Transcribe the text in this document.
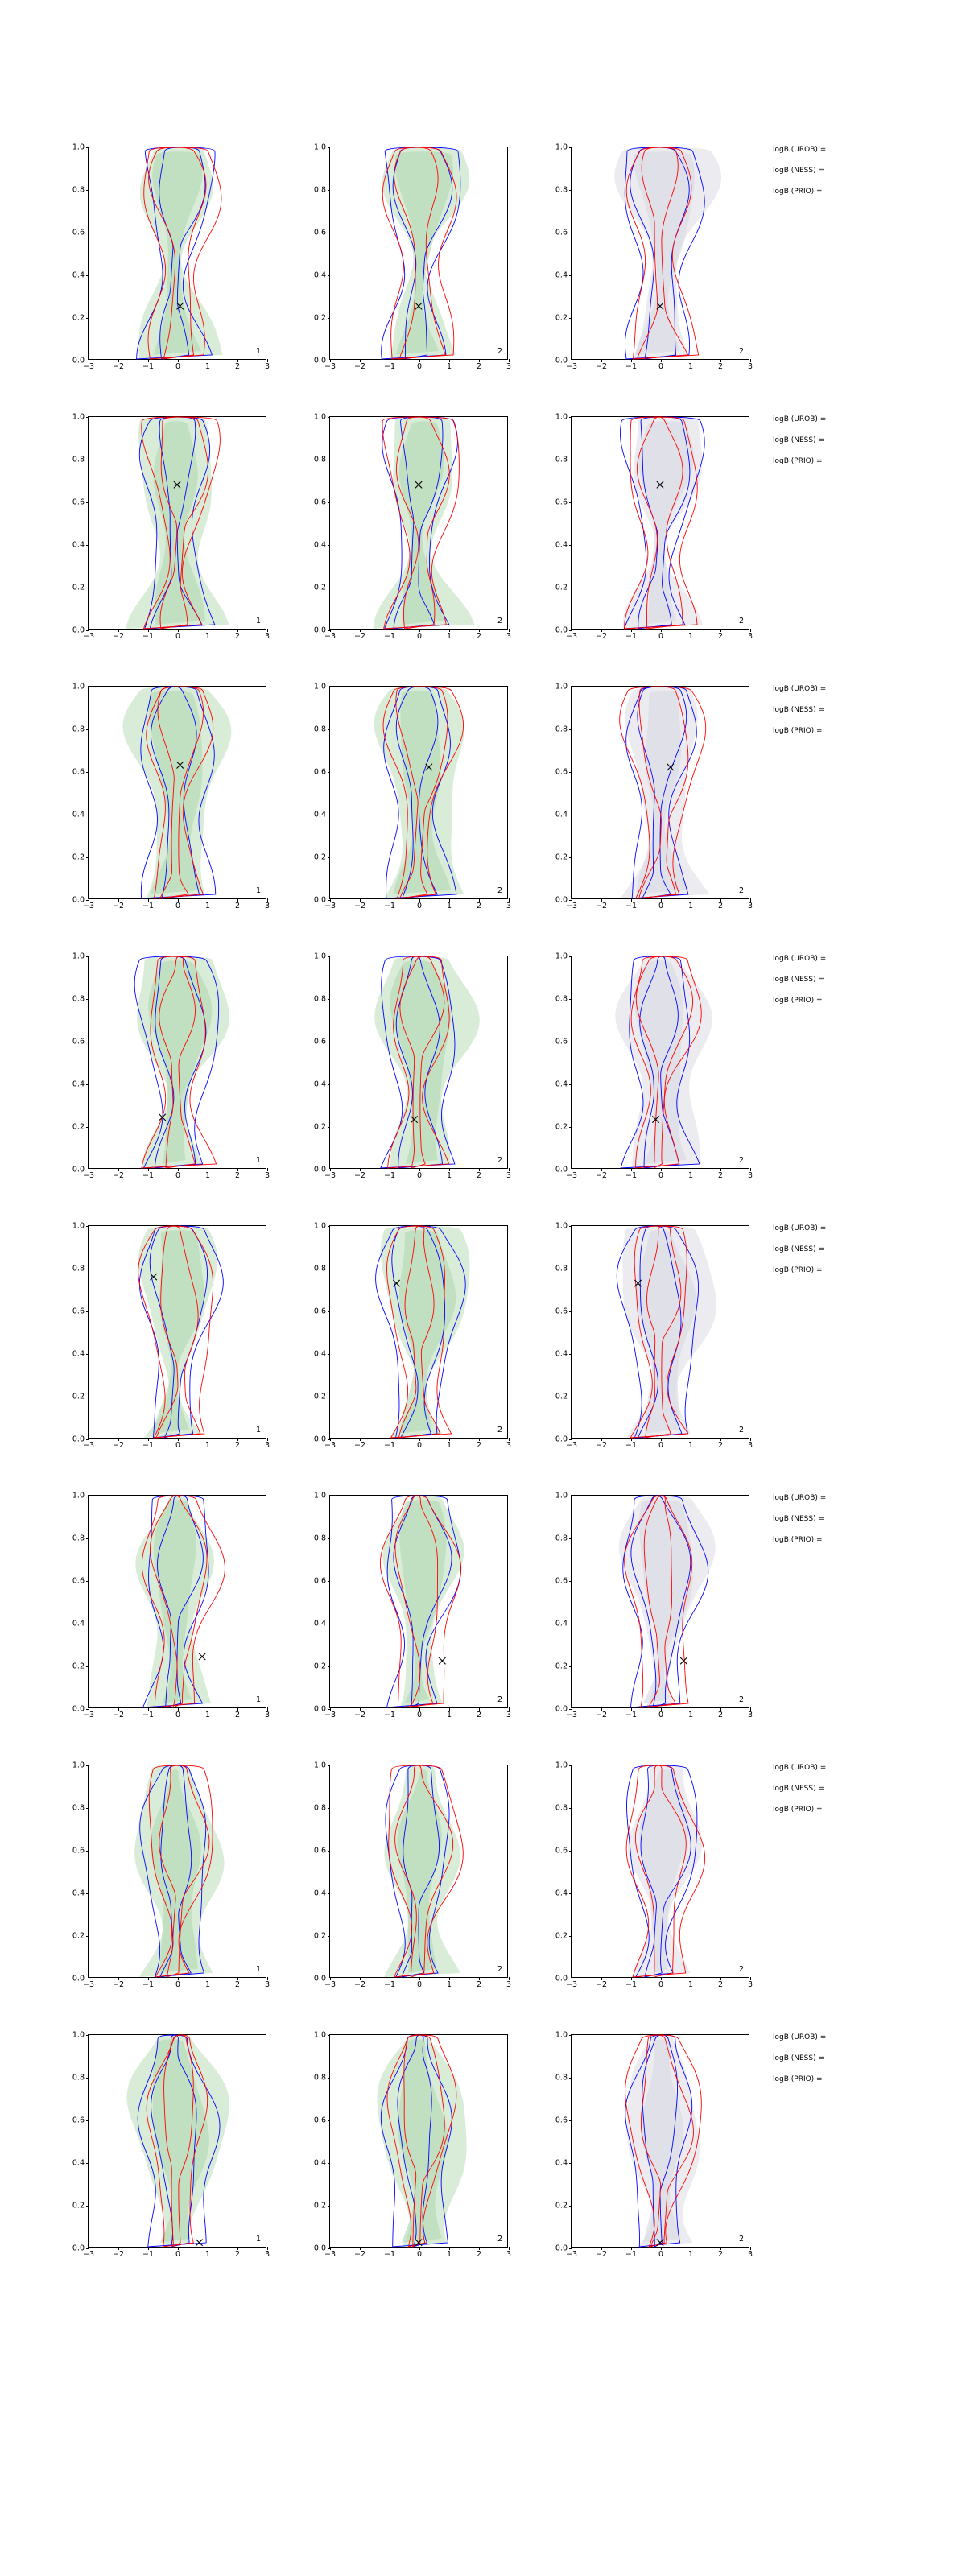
0.0
0.2
0.4
0.6
0.8
1.0
−3 −2 −1	0	1	2	3
1
0.0
0.2
0.4
0.6
0.8
1.0
−3 −2 −1	0	1	2	3
2
0.0
0.2
0.4
0.6
0.8
1.0
−3 −2 −1	0	1	2	3
2
logB (UROB) =
logB (NESS) =
logB (PRIO) =
0.0
0.2
0.4
0.6
0.8
1.0
−3 −2 −1	0	1	2	3
1
0.0
0.2
0.4
0.6
0.8
1.0
−3 −2 −1	0	1	2	3
2
0.0
0.2
0.4
0.6
0.8
1.0
−3 −2 −1	0	1	2	3
2
logB (UROB) =
logB (NESS) =
logB (PRIO) =
0.0
0.2
0.4
0.6
0.8
1.0
−3 −2 −1	0	1	2	3
1
0.0
0.2
0.4
0.6
0.8
1.0
−3 −2 −1	0	1	2	3
2
0.0
0.2
0.4
0.6
0.8
1.0
−3 −2 −1	0	1	2	3
2
logB (UROB) =
logB (NESS) =
logB (PRIO) =
0.0
0.2
0.4
0.6
0.8
1.0
−3 −2 −1	0	1	2	3
1
0.0
0.2
0.4
0.6
0.8
1.0
−3 −2 −1	0	1	2	3
2
0.0
0.2
0.4
0.6
0.8
1.0
−3 −2 −1	0	1	2	3
2
logB (UROB) =
logB (NESS) =
logB (PRIO) =
0.0
0.2
0.4
0.6
0.8
1.0
−3 −2 −1	0	1	2	3
1
0.0
0.2
0.4
0.6
0.8
1.0
−3 −2 −1	0	1	2	3
2
0.0
0.2
0.4
0.6
0.8
1.0
−3 −2 −1	0	1	2	3
2
logB (UROB) =
logB (NESS) =
logB (PRIO) =
0.0
0.2
0.4
0.6
0.8
1.0
−3 −2 −1	0	1	2	3
1
0.0
0.2
0.4
0.6
0.8
1.0
−3 −2 −1	0	1	2	3
2
0.0
0.2
0.4
0.6
0.8
1.0
−3 −2 −1	0	1	2	3
2
logB (UROB) =
logB (NESS) =
logB (PRIO) =
0.0
0.2
0.4
0.6
0.8
1.0
−3 −2 −1	0	1	2	3
1
0.0
0.2
0.4
0.6
0.8
1.0
−3 −2 −1	0	1	2	3
2
0.0
0.2
0.4
0.6
0.8
1.0
−3 −2 −1	0	1	2	3
2
logB (UROB) =
logB (NESS) =
logB (PRIO) =
0.0
0.2
0.4
0.6
0.8
1.0
−3 −2 −1	0	1	2	3
1
0.0
0.2
0.4
0.6
0.8
1.0
−3 −2 −1	0	1	2	3
2
0.0
0.2
0.4
0.6
0.8
1.0
−3 −2 −1	0	1	2	3
2
logB (UROB) =
logB (NESS) =
logB (PRIO) =
